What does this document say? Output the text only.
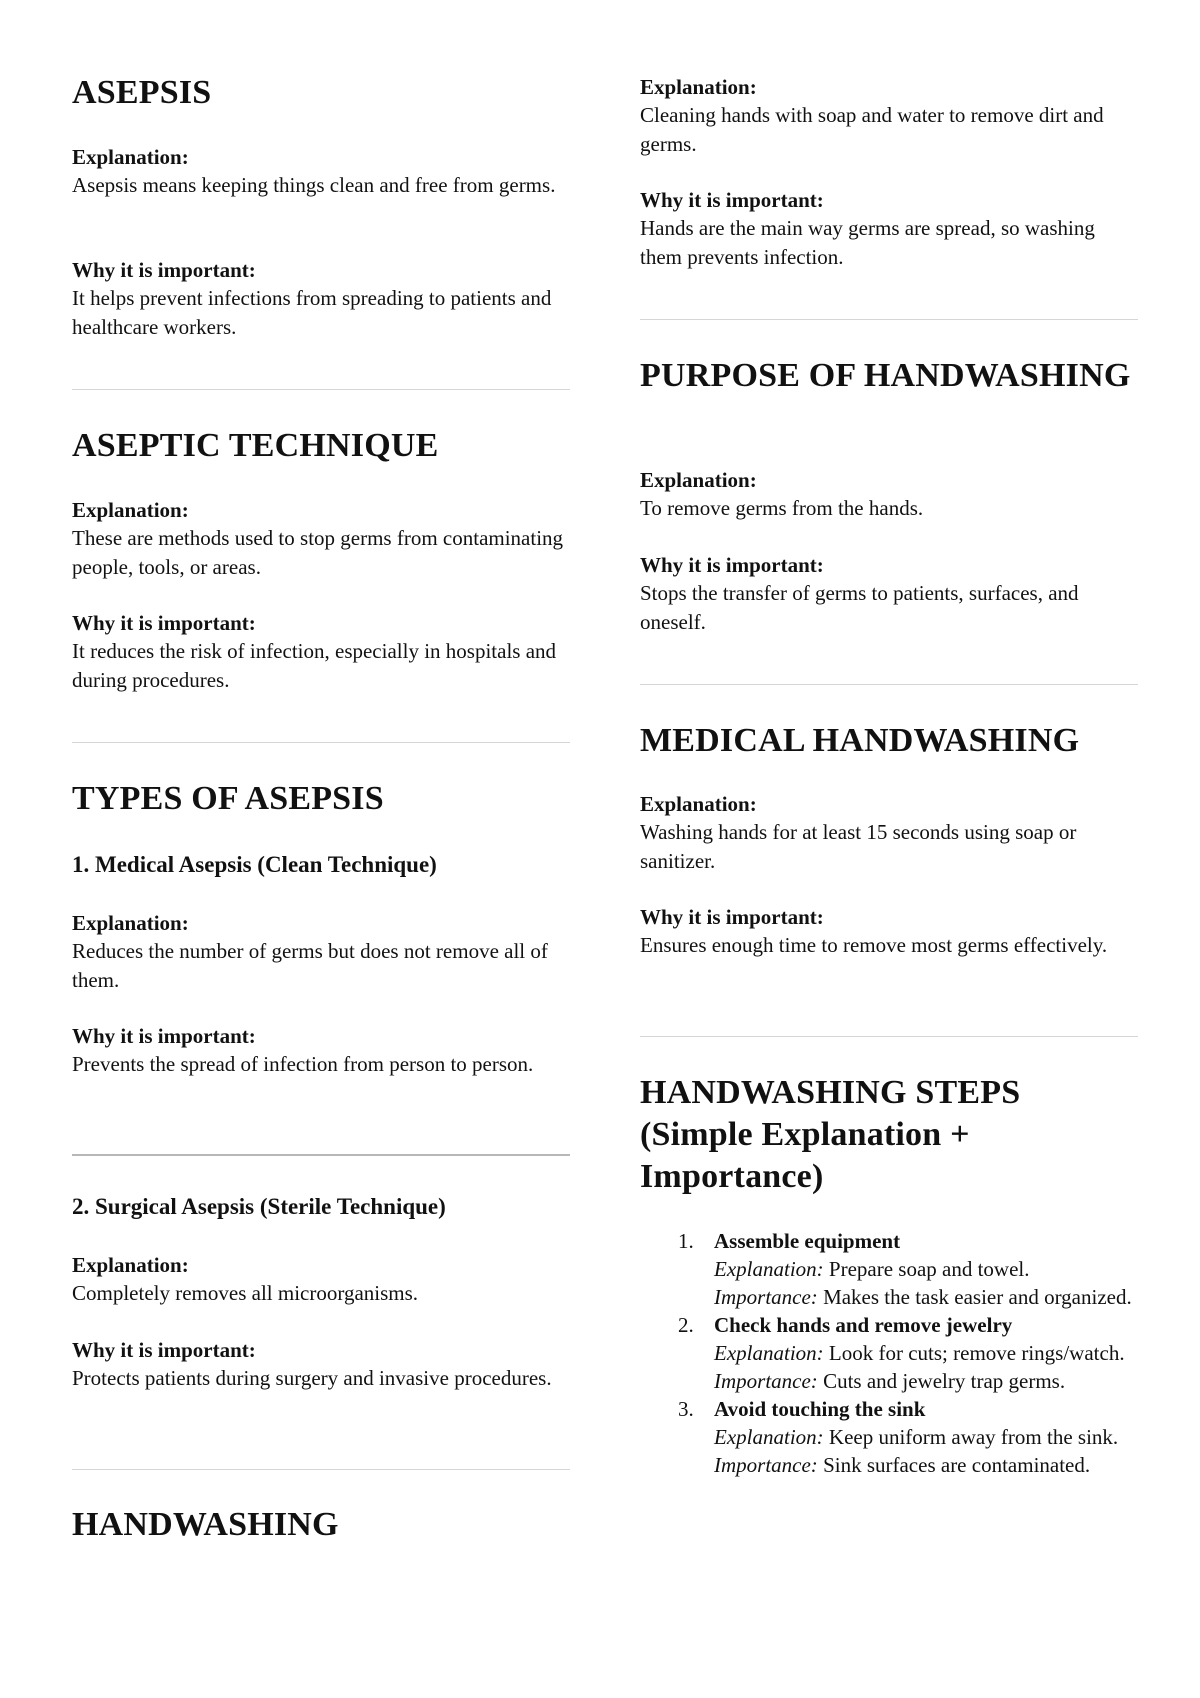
ASEPSIS

Explanation:

Asepsis means keeping things clean and free from germs.

Why it is important:

It helps prevent infections from spreading to patients and healthcare workers.

ASEPTIC TECHNIQUE

Explanation:

These are methods used to stop germs from contaminating people, tools, or areas.

Why it is important:

It reduces the risk of infection, especially in hospitals and during procedures.

TYPES OF ASEPSIS
1. Medical Asepsis (Clean Technique)

Explanation:

Reduces the number of germs but does not remove all of them.

Why it is important:

Prevents the spread of infection from person to person.

2. Surgical Asepsis (Sterile Technique)

Explanation:

Completely removes all microorganisms.

Why it is important:

Protects patients during surgery and invasive procedures.

HANDWASHING

Explanation:

Cleaning hands with soap and water to remove dirt and germs.

Why it is important:

Hands are the main way germs are spread, so washing them prevents infection.

PURPOSE OF HANDWASHING

Explanation:

To remove germs from the hands.

Why it is important:

Stops the transfer of germs to patients, surfaces, and oneself.

MEDICAL HANDWASHING

Explanation:

Washing hands for at least 15 seconds using soap or sanitizer.

Why it is important:

Ensures enough time to remove most germs effectively.

HANDWASHING STEPS (Simple Explanation + Importance)
1. Assemble equipment
Explanation: Prepare soap and towel.
Importance: Makes the task easier and organized.
2. Check hands and remove jewelry
Explanation: Look for cuts; remove rings/watch.
Importance: Cuts and jewelry trap germs.
3. Avoid touching the sink
Explanation: Keep uniform away from the sink.
Importance: Sink surfaces are contaminated.
